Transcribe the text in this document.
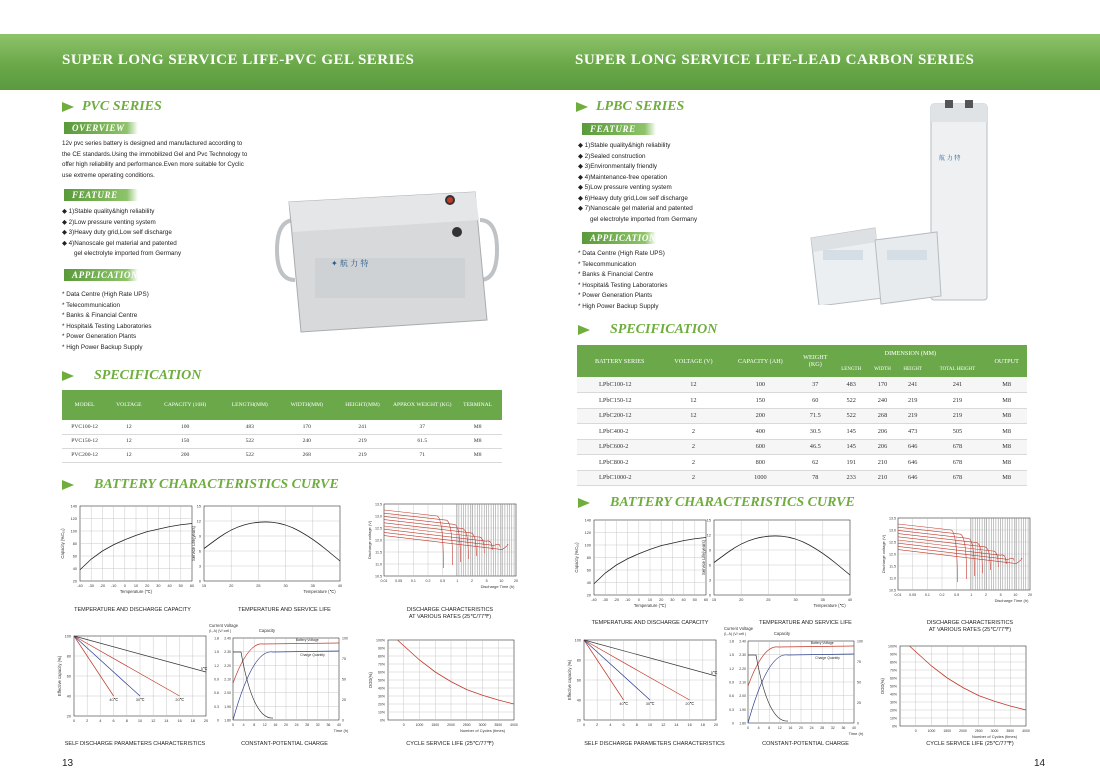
SUPER LONG SERVICE LIFE-PVC GEL SERIES
PVC SERIES
OVERVIEW
12v pvc series battery is designed and manufactured according to
the CE standards.Using the immobilized Gel and Pvc Technology to
offer high reliability and performance.Even more suitable for Cyclic
use extreme operating conditions.
FEATURE
◆ 1)Stable quality&high reliability
◆ 2)Low pressure venting system
◆ 3)Heavy duty grid,Low self discharge
◆ 4)Nanoscale gel material and patented
gel electrolyte imported from Germany
APPLICATION
* Data Centre (High Rate UPS)
* Telecommunication
* Banks & Financial Centre
* Hospital& Testing Laboratories
* Power Generation Plants
* High Power Backup Supply
✦ 航 力 特
SPECIFICATION
MODEL	VOLTAGE	CAPACITY (10H)	LENGTH(MM)	WIDTH(MM)	HEIGHT(MM)	APPROX WEIGHT (KG)	TERMINAL
PVC100-12	12	100	483	170	241	37	M8
PVC150-12	12	150	522	240	219	61.5	M8
PVC200-12	12	200	522	268	219	71	M8
BATTERY CHARACTERISTICS CURVE
TEMPERATURE AND DISCHARGE CAPACITY	TEMPERATURE AND SERVICE LIFE	DISCHARGE CHARACTERISTICS
AT VARIOUS RATES (25℃/77℉)
SELF DISCHARGE PARAMETERS CHARACTERISTICS	CONSTANT-POTENTIAL CHARGE	CYCLE SERVICE LIFE (25℃/77℉)
13
SUPER LONG SERVICE LIFE-LEAD CARBON SERIES
LPBC SERIES
FEATURE
◆ 1)Stable quality&high reliability
◆ 2)Sealed construction
◆ 3)Environmentally friendly
◆ 4)Maintenance-free operation
◆ 5)Low pressure venting system
◆ 6)Heavy duty grid,Low self discharge
◆ 7)Nanoscale gel material and patented
gel electrolyte imported from Germany
APPLICATION
* Data Centre (High Rate UPS)
* Telecommunication
* Banks & Financial Centre
* Hospital& Testing Laboratories
* Power Generation Plants
* High Power Backup Supply
航 力 特
SPECIFICATION
BATTERY SERIES	VOLTAGE (V)	CAPACITY (AH)	WEIGHT (KG)	DIMENSION (MM)				OUTPUT
				LENGTH	WIDTH	HEIGHT	TOTAL HEIGHT	
LPbC100-12	12	100	37	483	170	241	241	M8
LPbC150-12	12	150	60	522	240	219	219	M8
LPbC200-12	12	200	71.5	522	268	219	219	M8
LPbC400-2	2	400	30.5	145	206	473	505	M8
LPbC600-2	2	600	46.5	145	206	646	678	M8
LPbC800-2	2	800	62	191	210	646	678	M8
LPbC1000-2	2	1000	78	233	210	646	678	M8
BATTERY CHARACTERISTICS CURVE
TEMPERATURE AND DISCHARGE CAPACITY	TEMPERATURE AND SERVICE LIFE	DISCHARGE CHARACTERISTICS
AT VARIOUS RATES (25℃/77℉)
SELF DISCHARGE PARAMETERS CHARACTERISTICS	CONSTANT-POTENTIAL CHARGE	CYCLE SERVICE LIFE (25℃/77℉)
14
140
120
100
80
60
40
20
-40 -30 -20 -10 0 10 20 30 40 50 60
Temperature (℃)
Capacity (%C₁₀)
15
12
9
6
3
0
15	20	25	30	35	40
Temperature (℃)
Service Life(years)
13.5
13.0
12.5
12.0
11.5
11.0
10.5
0.01 0.05 0.1	0.2	0.5	1	2	5	10	20
Discharge Time (h)
Discharge voltage (V)
100
80
60
40
20
0	2	4	6	8	10 12 14 16 18 20
Effective capacity (%)
40℃	30℃	20℃
5℃
Current Voltage
(I₀ A) (V/ cell )	Capacity
2.40
2.30
2.20
2.10
2.00
1.90
1.80
1.8
1.5
1.2
0.9
0.6
0.3
0
100
75
50
25
0
0 4 8 12 16 20 24 28 32 36 40
Time (h)
Battery Voltage
Charge Quantity
100%
90%
80%
70%
60%
50%
40%
30%
20%
10%
0%
0	1000 1500 2000 2500 3000 3500 4000
Number of Cycles (times)
DOD(%)
140
120
100
80
60
40
20
-40 -30 -20 -10 0 10 20 30 40 50 60
Temperature (℃)
Capacity (%C₁₀)
15
12
9
6
3
0
15	20	25	30	35	40
Temperature (℃)
Service Life(years)
13.5
13.0
12.5
12.0
11.5
11.0
10.5
0.01 0.05 0.1	0.2	0.5	1	2	5	10	20
Discharge Time (h)
Discharge voltage (V)
100
80
60
40
20
0	2	4	6	8	10 12 14 16 18 20
Effective capacity (%)
40℃	30℃	20℃
5℃
Current Voltage
(I₀ A) (V/ cell )	Capacity
2.40
2.30
2.20
2.10
2.00
1.90
1.80
1.8
1.5
1.2
0.9
0.6
0.3
0
100
75
50
25
0
0 4 8 12 16 20 24 28 32 36 40
Time (h)
Battery Voltage
Charge Quantity
100%
90%
80%
70%
60%
50%
40%
30%
20%
10%
0%
0	1000 1500 2000 2500 3000 3500 4000
Number of Cycles (times)
DOD(%)
